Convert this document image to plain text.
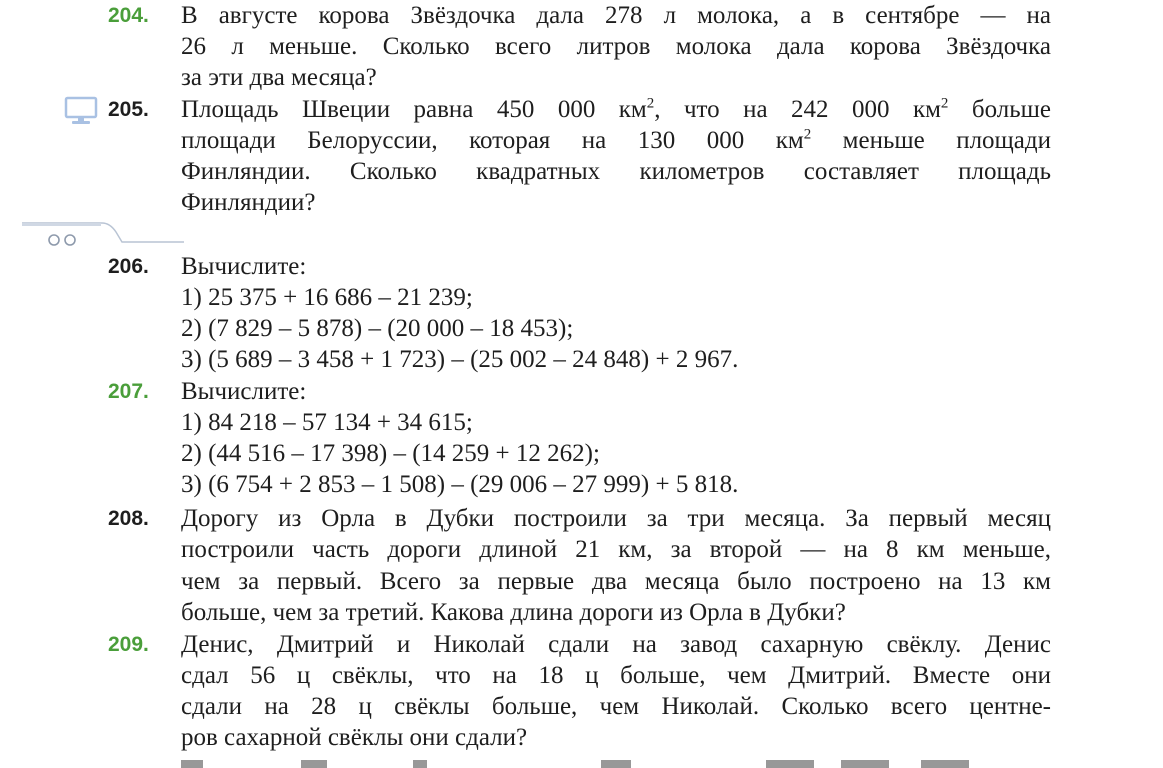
204. В августе корова Звёздочка дала 278 л молока, а в сентябре — на
26 л меньше. Сколько всего литров молока дала корова Звёздочка
за эти два месяца?
205. Площадь Швеции равна 450 000 $км^2$, что на 242 000 $км^2$ больше
площади Белоруссии, которая на 130 000 $км^2$ меньше площади
Финляндии. Сколько квадратных километров составляет площадь
Финляндии?
206. Вычислите:
1) 25 375 + 16 686 – 21 239;
2) (7 829 – 5 878) – (20 000 – 18 453);
3) (5 689 – 3 458 + 1 723) – (25 002 – 24 848) + 2 967.
207. Вычислите:
1) 84 218 – 57 134 + 34 615;
2) (44 516 – 17 398) – (14 259 + 12 262);
3) (6 754 + 2 853 – 1 508) – (29 006 – 27 999) + 5 818.
208. Дорогу из Орла в Дубки построили за три месяца. За первый месяц
построили часть дороги длиной 21 км, за второй — на 8 км меньше,
чем за первый. Всего за первые два месяца было построено на 13 км
больше, чем за третий. Какова длина дороги из Орла в Дубки?
209. Денис, Дмитрий и Николай сдали на завод сахарную свёклу. Денис
сдал 56 ц свёклы, что на 18 ц больше, чем Дмитрий. Вместе они
сдали на 28 ц свёклы больше, чем Николай. Сколько всего центне-
ров сахарной свёклы они сдали?
